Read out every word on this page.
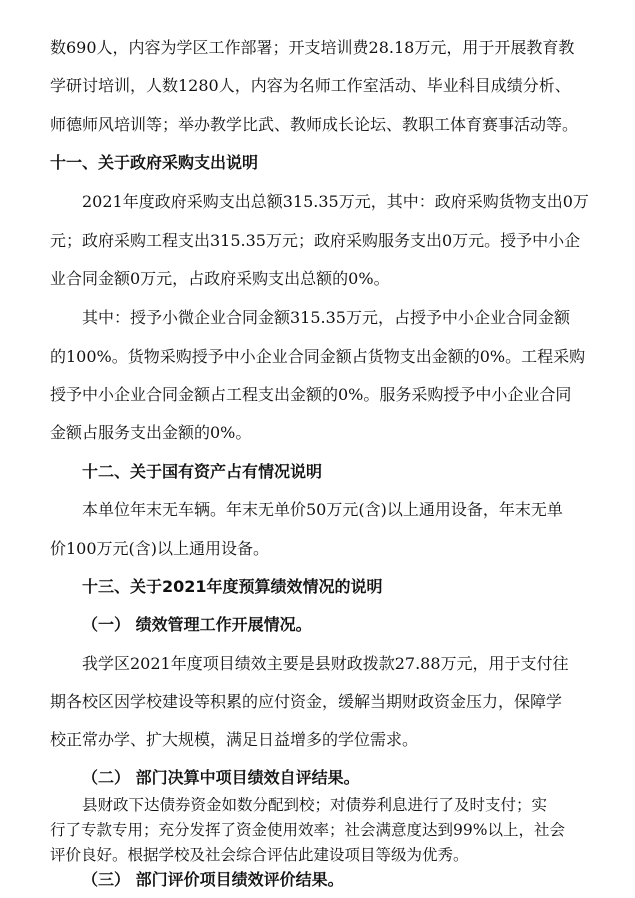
数690人，内容为学区工作部署；开支培训费28.18万元，用于开展教育教
学研讨培训，人数1280人，内容为名师工作室活动、毕业科目成绩分析、
师德师风培训等；举办教学比武、教师成长论坛、教职工体育赛事活动等。
十一、关于政府采购支出说明
2021年度政府采购支出总额315.35万元，其中：政府采购货物支出0万
元；政府采购工程支出315.35万元；政府采购服务支出0万元。授予中小企
业合同金额0万元，占政府采购支出总额的0%。
其中：授予小微企业合同金额315.35万元，占授予中小企业合同金额
的100%。货物采购授予中小企业合同金额占货物支出金额的0%。工程采购
授予中小企业合同金额占工程支出金额的0%。服务采购授予中小企业合同
金额占服务支出金额的0%。
十二、关于国有资产占有情况说明
本单位年末无车辆。年末无单价50万元(含)以上通用设备，年末无单
价100万元(含)以上通用设备。
十三、关于2021年度预算绩效情况的说明
（一） 绩效管理工作开展情况。
我学区2021年度项目绩效主要是县财政拨款27.88万元，用于支付往
期各校区因学校建设等积累的应付资金，缓解当期财政资金压力，保障学
校正常办学、扩大规模，满足日益增多的学位需求。
（二） 部门决算中项目绩效自评结果。
县财政下达债券资金如数分配到校；对债券利息进行了及时支付；实
行了专款专用；充分发挥了资金使用效率；社会满意度达到99%以上，社会
评价良好。根据学校及社会综合评估此建设项目等级为优秀。
（三） 部门评价项目绩效评价结果。
